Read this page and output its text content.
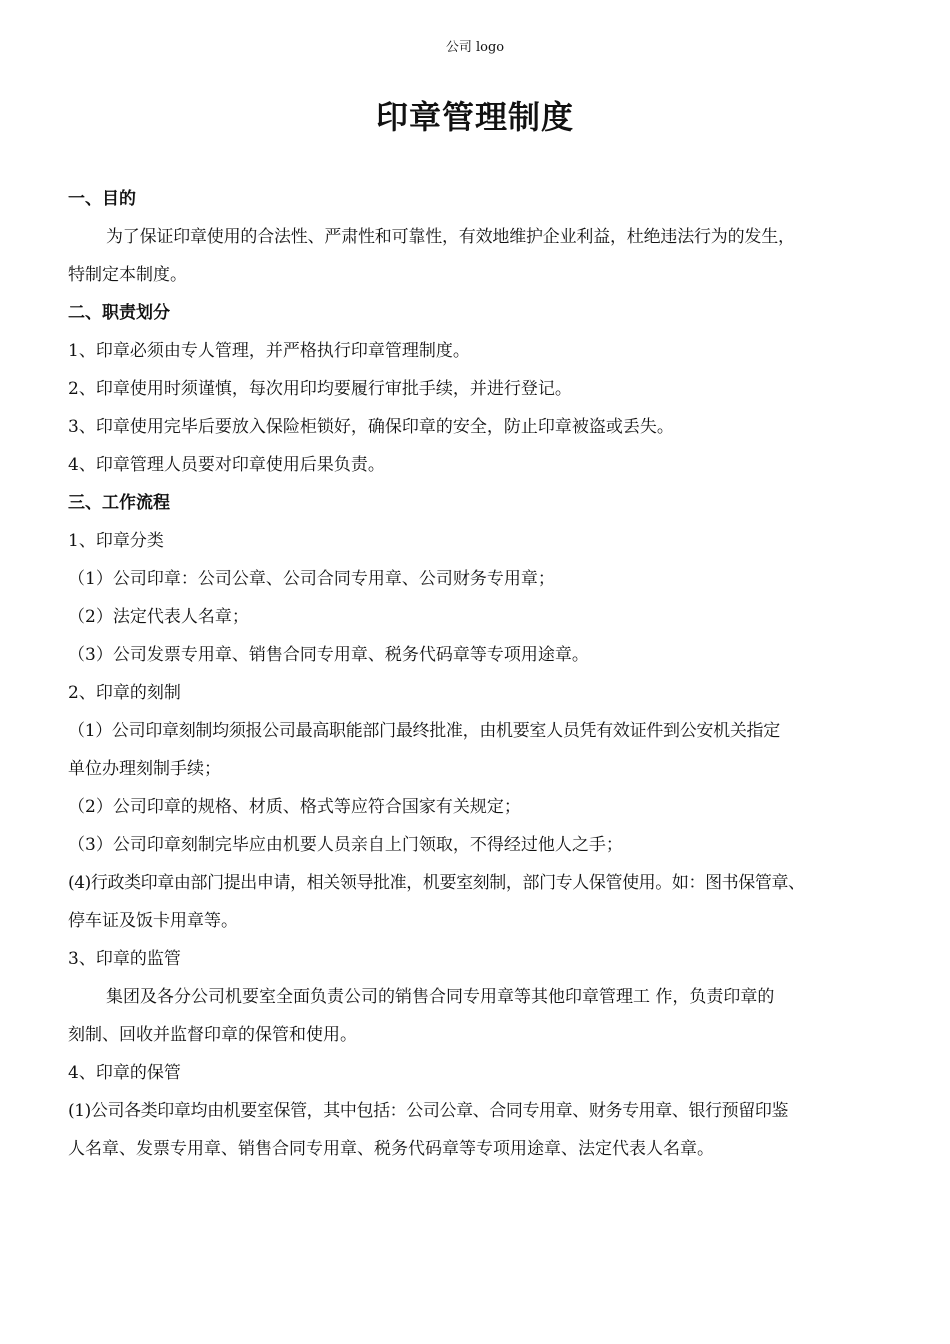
公司 logo
印章管理制度

一、目的

为了保证印章使用的合法性、严肃性和可靠性，有效地维护企业利益，杜绝违法行为的发生，

特制定本制度。

二、职责划分

1、印章必须由专人管理，并严格执行印章管理制度。

2、印章使用时须谨慎，每次用印均要履行审批手续，并进行登记。

3、印章使用完毕后要放入保险柜锁好，确保印章的安全，防止印章被盗或丢失。

4、印章管理人员要对印章使用后果负责。

三、工作流程

1、印章分类

（1）公司印章：公司公章、公司合同专用章、公司财务专用章；

（2）法定代表人名章；

（3）公司发票专用章、销售合同专用章、税务代码章等专项用途章。

2、印章的刻制

（1）公司印章刻制均须报公司最高职能部门最终批准，由机要室人员凭有效证件到公安机关指定

单位办理刻制手续；

（2）公司印章的规格、材质、格式等应符合国家有关规定；

（3）公司印章刻制完毕应由机要人员亲自上门领取，不得经过他人之手；

(4)行政类印章由部门提出申请，相关领导批准，机要室刻制，部门专人保管使用。如：图书保管章、

停车证及饭卡用章等。

3、印章的监管

集团及各分公司机要室全面负责公司的销售合同专用章等其他印章管理工 作，负责印章的

刻制、回收并监督印章的保管和使用。

4、印章的保管

(1)公司各类印章均由机要室保管，其中包括：公司公章、合同专用章、财务专用章、银行预留印鉴

人名章、发票专用章、销售合同专用章、税务代码章等专项用途章、法定代表人名章。
